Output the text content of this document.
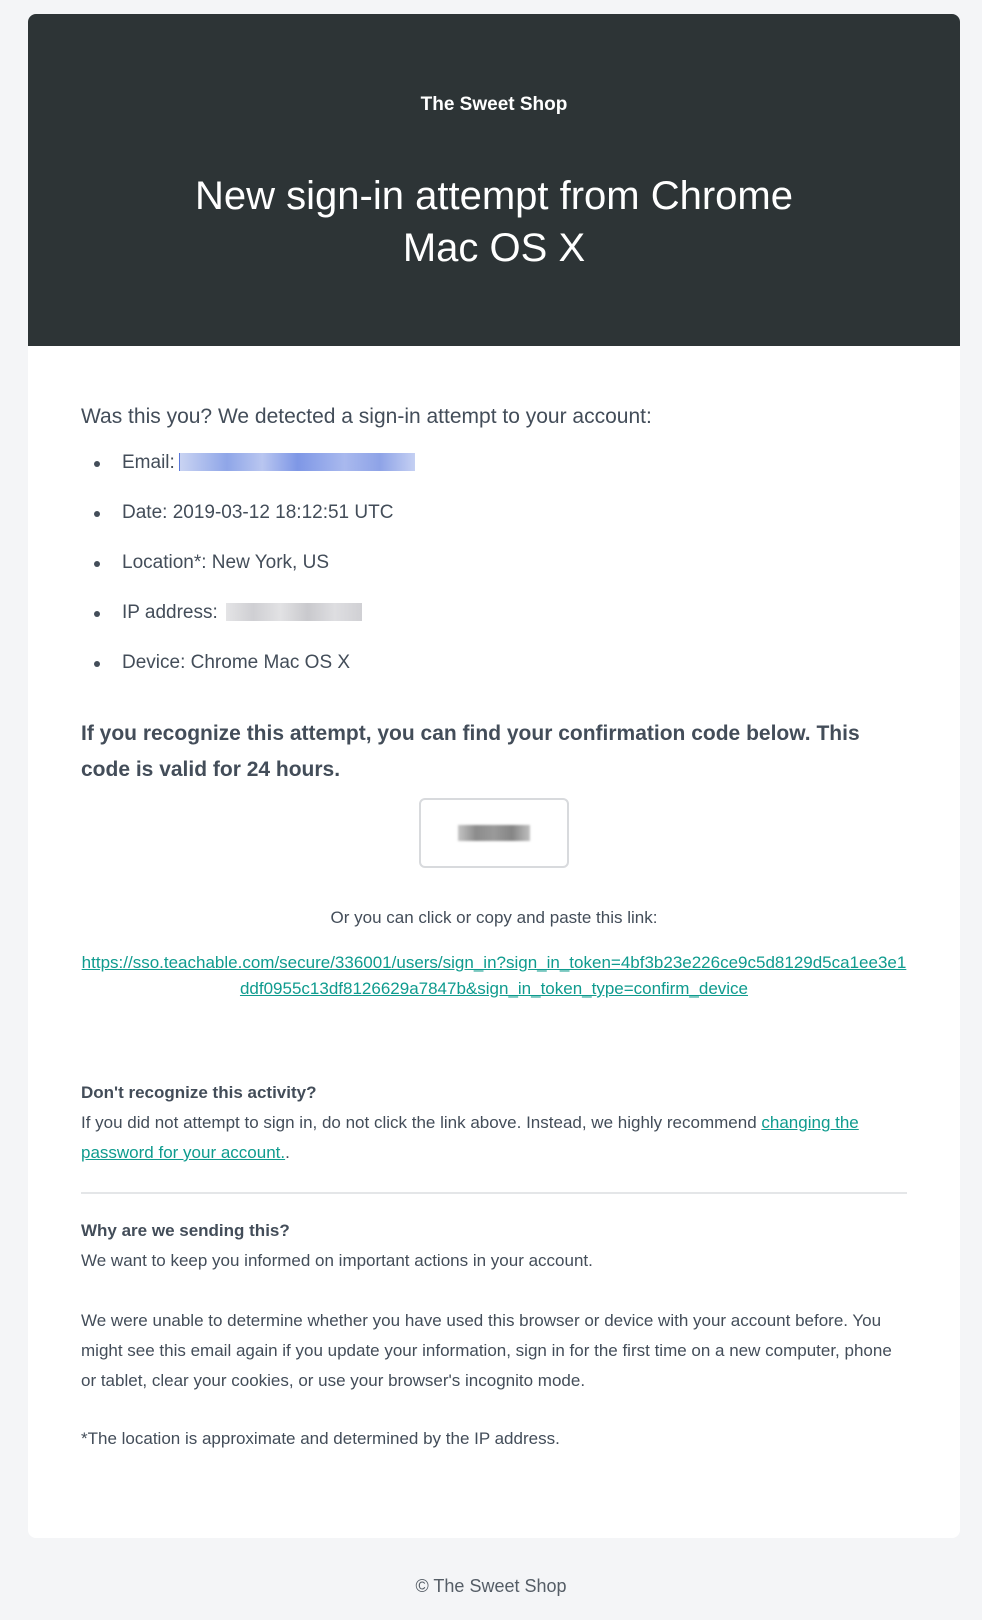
The Sweet Shop
New sign-in attempt from Chrome Mac OS X

Was this you? We detected a sign-in attempt to your account:

Email:
Date: 2019-03-12 18:12:51 UTC
Location*: New York, US
IP address:
Device: Chrome Mac OS X

If you recognize this attempt, you can find your confirmation code below. This code is valid for 24 hours.

Or you can click or copy and paste this link:

https://sso.teachable.com/secure/336001/users/sign_in?sign_in_token=4bf3b23e226ce9c5d8129d5ca1ee3e1ddf0955c13df8126629a7847b&sign_in_token_type=confirm_device
Don't recognize this activity?

If you did not attempt to sign in, do not click the link above. Instead, we highly recommend changing the password for your account..

Why are we sending this?

We want to keep you informed on important actions in your account.

We were unable to determine whether you have used this browser or device with your account before. You might see this email again if you update your information, sign in for the first time on a new computer, phone or tablet, clear your cookies, or use your browser's incognito mode.

*The location is approximate and determined by the IP address.

© The Sweet Shop
